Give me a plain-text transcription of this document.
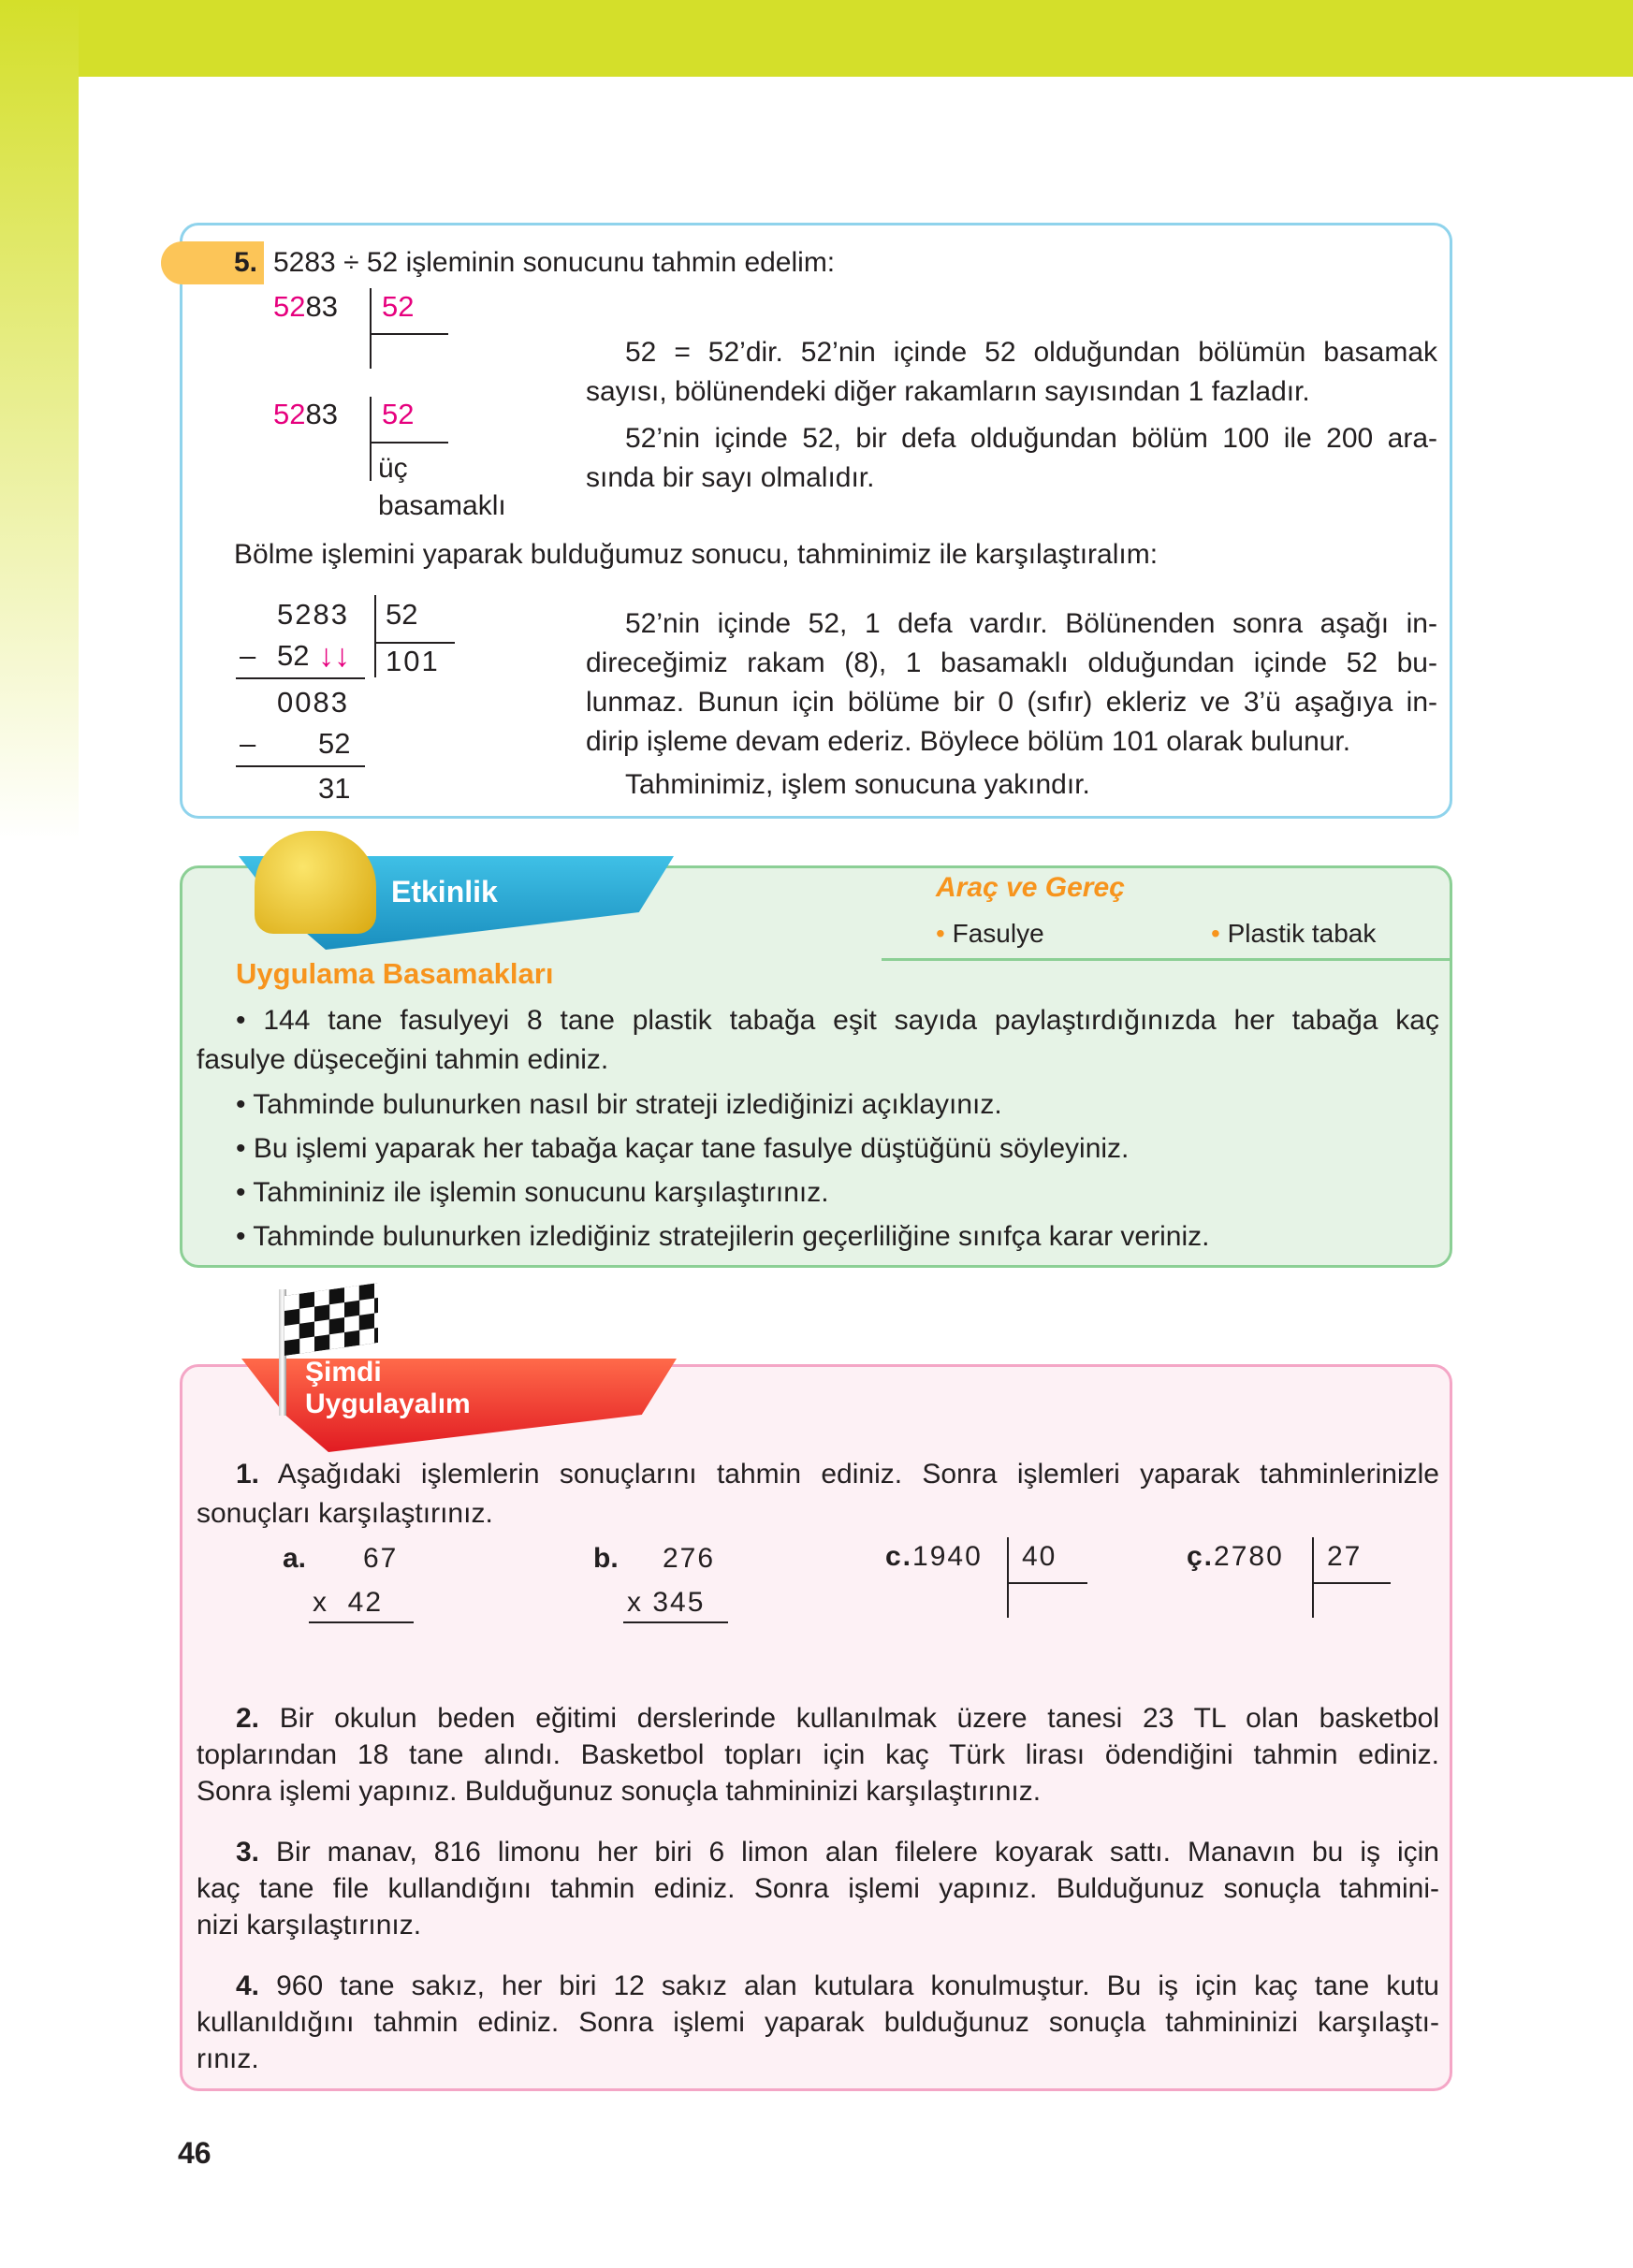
5. 5283 ÷ 52 işleminin sonucunu tahmin edelim:
5283 52
5283 52
üç
basamaklı
52 = 52’dir. 52’nin içinde 52 olduğundan bölümün basamak
sayısı, bölünendeki diğer rakamların sayısından 1 fazladır.
52’nin içinde 52, bir defa olduğundan bölüm 100 ile 200 ara-
sında bir sayı olmalıdır.
Bölme işlemini yaparak bulduğumuz sonucu, tahminimiz ile karşılaştıralım:
5283 52
– 52 ↓↓ 101
0083
– 52
31
52’nin içinde 52, 1 defa vardır. Bölünenden sonra aşağı in-
direceğimiz rakam (8), 1 basamaklı olduğundan içinde 52 bu-
lunmaz. Bunun için bölüme bir 0 (sıfır) ekleriz ve 3’ü aşağıya in-
dirip işleme devam ederiz. Böylece bölüm 101 olarak bulunur.
Tahminimiz, işlem sonucuna yakındır.
Etkinlik	Araç ve Gereç
• Fasulye	• Plastik tabak
Uygulama Basamakları
• 144 tane fasulyeyi 8 tane plastik tabağa eşit sayıda paylaştırdığınızda her tabağa kaç
fasulye düşeceğini tahmin ediniz.
• Tahminde bulunurken nasıl bir strateji izlediğinizi açıklayınız.
• Bu işlemi yaparak her tabağa kaçar tane fasulye düştüğünü söyleyiniz.
• Tahmininiz ile işlemin sonucunu karşılaştırınız.
• Tahminde bulunurken izlediğiniz stratejilerin geçerliliğine sınıfça karar veriniz.
Şimdi
Uygulayalım
1. Aşağıdaki işlemlerin sonuçlarını tahmin ediniz. Sonra işlemleri yaparak tahminlerinizle
sonuçları karşılaştırınız.
a. 67
x  42
b. 276
x 345
c.1940 40	ç.2780 27
2. Bir okulun beden eğitimi derslerinde kullanılmak üzere tanesi 23 TL olan basketbol
toplarından 18 tane alındı. Basketbol topları için kaç Türk lirası ödendiğini tahmin ediniz.
Sonra işlemi yapınız. Bulduğunuz sonuçla tahmininizi karşılaştırınız.
3. Bir manav, 816 limonu her biri 6 limon alan filelere koyarak sattı. Manavın bu iş için
kaç tane file kullandığını tahmin ediniz. Sonra işlemi yapınız. Bulduğunuz sonuçla tahmini-
nizi karşılaştırınız.
4. 960 tane sakız, her biri 12 sakız alan kutulara konulmuştur. Bu iş için kaç tane kutu
kullanıldığını tahmin ediniz. Sonra işlemi yaparak bulduğunuz sonuçla tahmininizi karşılaştı-
rınız.
46
